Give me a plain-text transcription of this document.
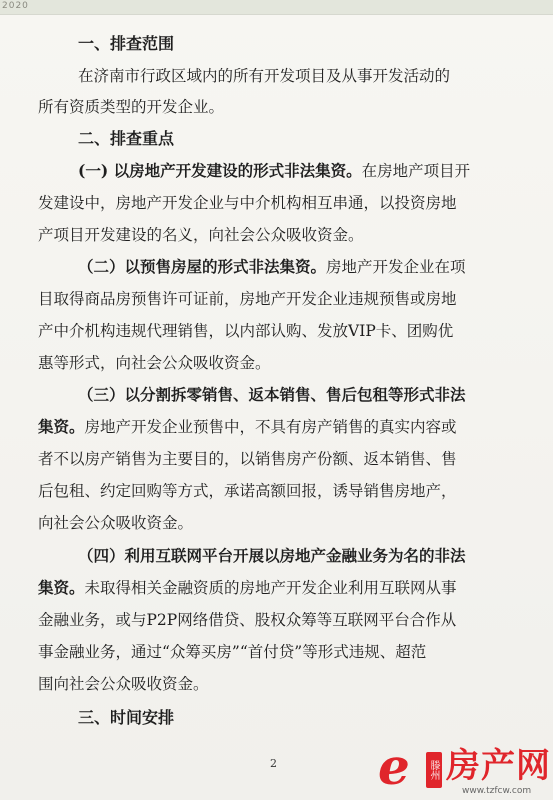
2020
一、排查范围
在济南市行政区域内的所有开发项目及从事开发活动的
所有资质类型的开发企业。
二、排查重点
(一) 以房地产开发建设的形式非法集资。在房地产项目开
发建设中，房地产开发企业与中介机构相互串通，以投资房地
产项目开发建设的名义，向社会公众吸收资金。
（二）以预售房屋的形式非法集资。房地产开发企业在项
目取得商品房预售许可证前，房地产开发企业违规预售或房地
产中介机构违规代理销售，以内部认购、发放VIP卡、团购优
惠等形式，向社会公众吸收资金。
（三）以分割拆零销售、返本销售、售后包租等形式非法
集资。房地产开发企业预售中，不具有房产销售的真实内容或
者不以房产销售为主要目的，以销售房产份额、返本销售、售
后包租、约定回购等方式，承诺高额回报，诱导销售房地产，
向社会公众吸收资金。
（四）利用互联网平台开展以房地产金融业务为名的非法
集资。未取得相关金融资质的房地产开发企业利用互联网从事
金融业务，或与P2P网络借贷、股权众筹等互联网平台合作从
事金融业务，通过“众筹买房”“首付贷”等形式违规、超范
围向社会公众吸收资金。
三、时间安排
2 e 滕州 房产网
www.tzfcw.com
